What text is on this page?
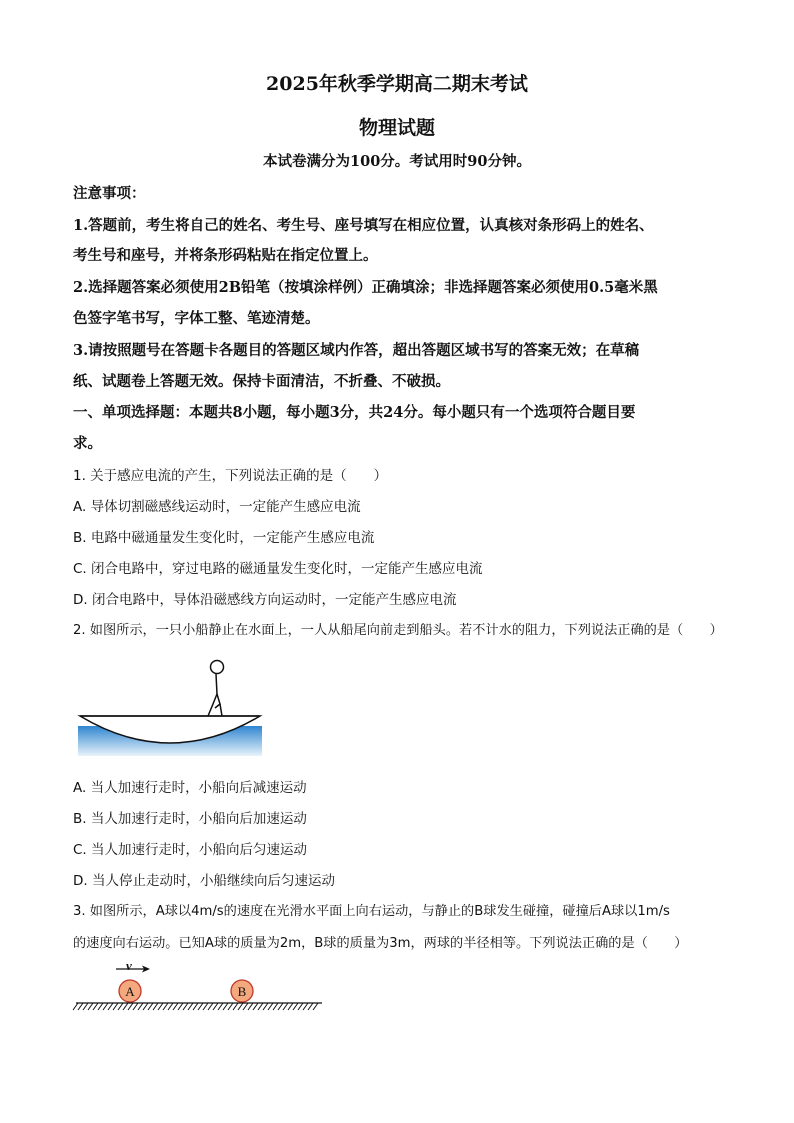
2025年秋季学期高二期末考试
物理试题
本试卷满分为100分。考试用时90分钟。
注意事项：
1.答题前，考生将自己的姓名、考生号、座号填写在相应位置，认真核对条形码上的姓名、
考生号和座号，并将条形码粘贴在指定位置上。
2.选择题答案必须使用2B铅笔（按填涂样例）正确填涂；非选择题答案必须使用0.5毫米黑
色签字笔书写，字体工整、笔迹清楚。
3.请按照题号在答题卡各题目的答题区域内作答，超出答题区域书写的答案无效；在草稿
纸、试题卷上答题无效。保持卡面清洁，不折叠、不破损。
一、单项选择题：本题共8小题，每小题3分，共24分。每小题只有一个选项符合题目要
求。
1. 关于感应电流的产生，下列说法正确的是（　　）
A. 导体切割磁感线运动时，一定能产生感应电流
B. 电路中磁通量发生变化时，一定能产生感应电流
C. 闭合电路中，穿过电路的磁通量发生变化时，一定能产生感应电流
D. 闭合电路中，导体沿磁感线方向运动时，一定能产生感应电流
2. 如图所示，一只小船静止在水面上，一人从船尾向前走到船头。若不计水的阻力，下列说法正确的是（　　）
A. 当人加速行走时，小船向后减速运动
B. 当人加速行走时，小船向后加速运动
C. 当人加速行走时，小船向后匀速运动
D. 当人停止走动时，小船继续向后匀速运动
3. 如图所示，A球以4m/s的速度在光滑水平面上向右运动，与静止的B球发生碰撞，碰撞后A球以1m/s
的速度向右运动。已知A球的质量为2m，B球的质量为3m，两球的半径相等。下列说法正确的是（　　）
v
A	B
